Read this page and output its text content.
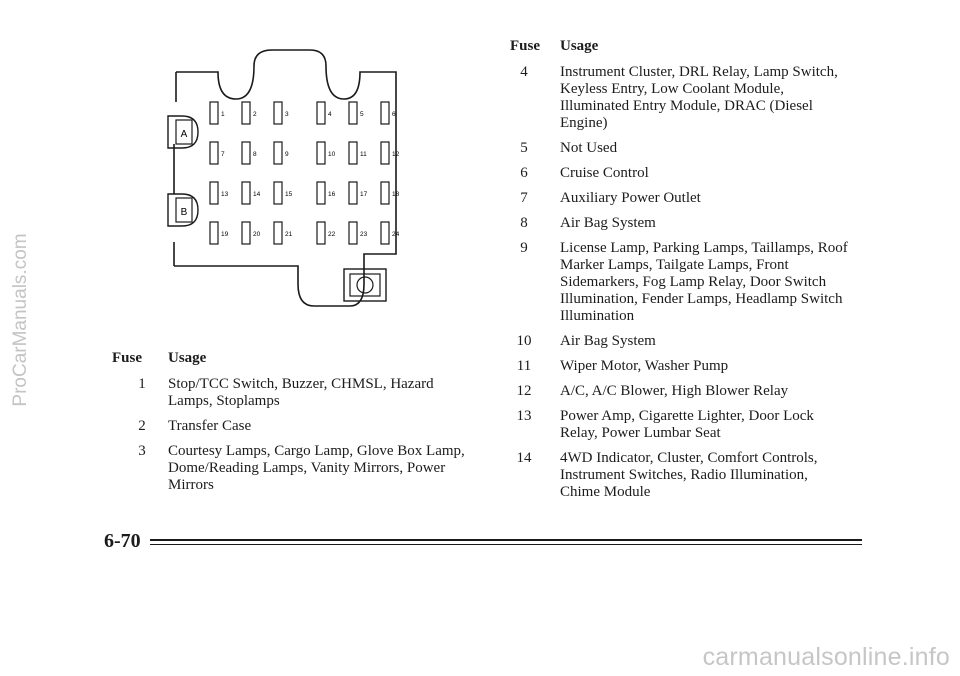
ProCarManuals.com
A
B
1	2	3	4	5	6
7	8	9	10	11	12
13	14	15	16	17	18
19	20	21	22	23	24
Fuse	Usage
1	Stop/TCC Switch, Buzzer, CHMSL, Hazard Lamps, Stoplamps
2	Transfer Case
3	Courtesy Lamps, Cargo Lamp, Glove Box Lamp, Dome/Reading Lamps, Vanity Mirrors, Power Mirrors
Fuse	Usage
4	Instrument Cluster, DRL Relay, Lamp Switch, Keyless Entry, Low Coolant Module, Illuminated Entry Module, DRAC (Diesel Engine)
5	Not Used
6	Cruise Control
7	Auxiliary Power Outlet
8	Air Bag System
9	License Lamp, Parking Lamps, Taillamps, Roof Marker Lamps, Tailgate Lamps, Front Sidemarkers, Fog Lamp Relay, Door Switch Illumination, Fender Lamps, Headlamp Switch Illumination
10	Air Bag System
11	Wiper Motor, Washer Pump
12	A/C, A/C Blower, High Blower Relay
13	Power Amp, Cigarette Lighter, Door Lock Relay, Power Lumbar Seat
14	4WD Indicator, Cluster, Comfort Controls, Instrument Switches, Radio Illumination, Chime Module
6-70
carmanualsonline.info
